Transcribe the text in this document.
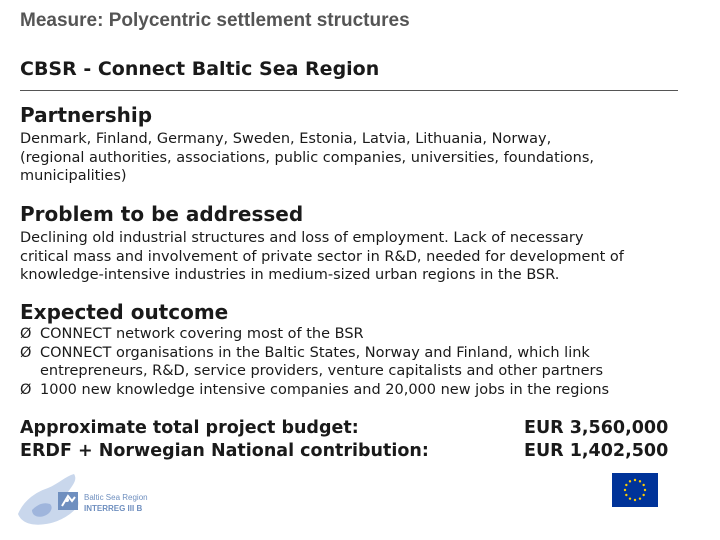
Measure: Polycentric settlement structures
CBSR - Connect Baltic Sea Region
Partnership
Denmark, Finland, Germany, Sweden, Estonia, Latvia, Lithuania, Norway,
(regional authorities, associations, public companies, universities, foundations,
municipalities)
Problem to be addressed
Declining old industrial structures and loss of employment. Lack of necessary
critical mass and involvement of private sector in R&D, needed for development of
knowledge-intensive industries in medium-sized urban regions in the BSR.
Expected outcome
Ø CONNECT network covering most of the BSR
Ø CONNECT organisations in the Baltic States, Norway and Finland, which link
entrepreneurs, R&D, service providers, venture capitalists and other partners
Ø 1000 new knowledge intensive companies and 20,000 new jobs in the regions
Approximate total project budget:	EUR 3,560,000
ERDF + Norwegian National contribution:	EUR 1,402,500
Baltic Sea Region
INTERREG III B
